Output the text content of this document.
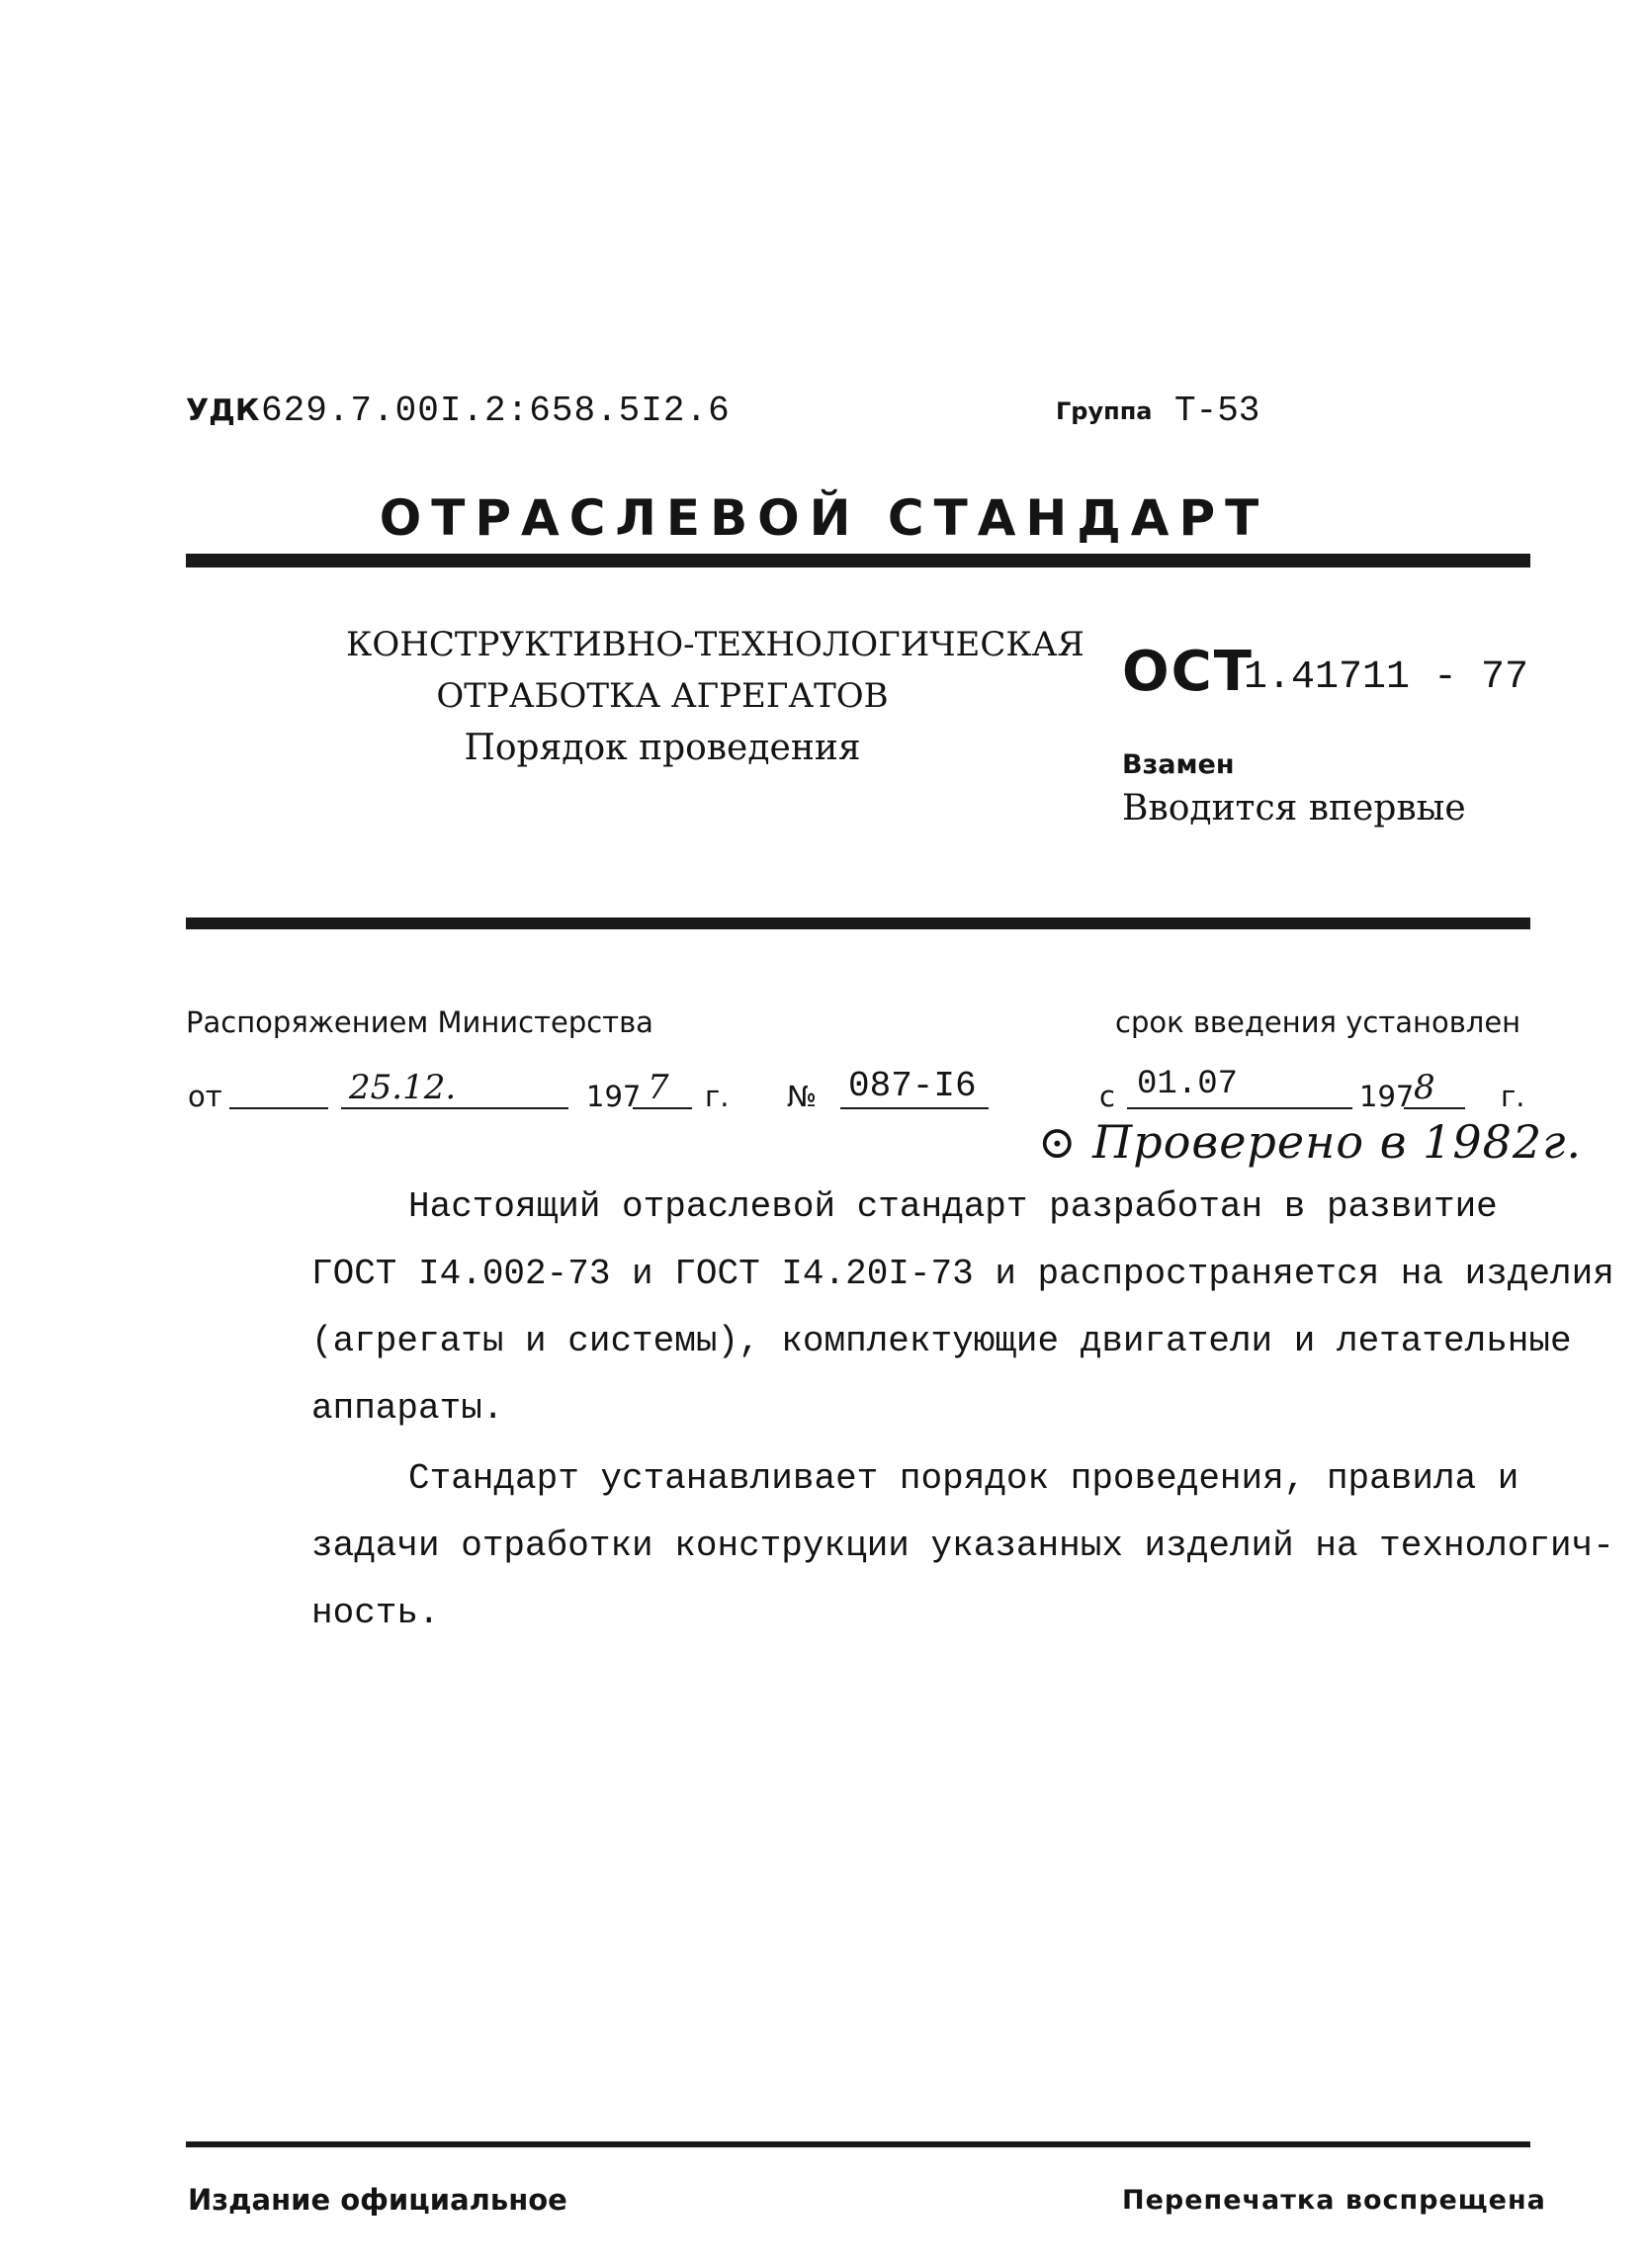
УДК 629.7.00I.2:658.5I2.6	Группа Т-53
ОТРАСЛЕВОЙ СТАНДАРТ
КОНСТРУКТИВНО-ТЕХНОЛОГИЧЕСКАЯ
ОТРАБОТКА АГРЕГАТОВ
Порядок проведения
ОСТ
1.41711 - 77
Взамен
Вводится впервые
Распоряжением Министерства	срок введения установлен
от	25.12.	197 7 г. № 087-I6	с 01.07	197 8 г.
⊙ Проверено в 1982г.
Настоящий отраслевой стандарт разработан в развитие
ГОСТ I4.002-73 и ГОСТ I4.20I-73 и распространяется на изделия
(агрегаты и системы), комплектующие двигатели и летательные
аппараты.
Стандарт устанавливает порядок проведения, правила и
задачи отработки конструкции указанных изделий на технологич-
ность.
Издание официальное	Перепечатка воспрещена
